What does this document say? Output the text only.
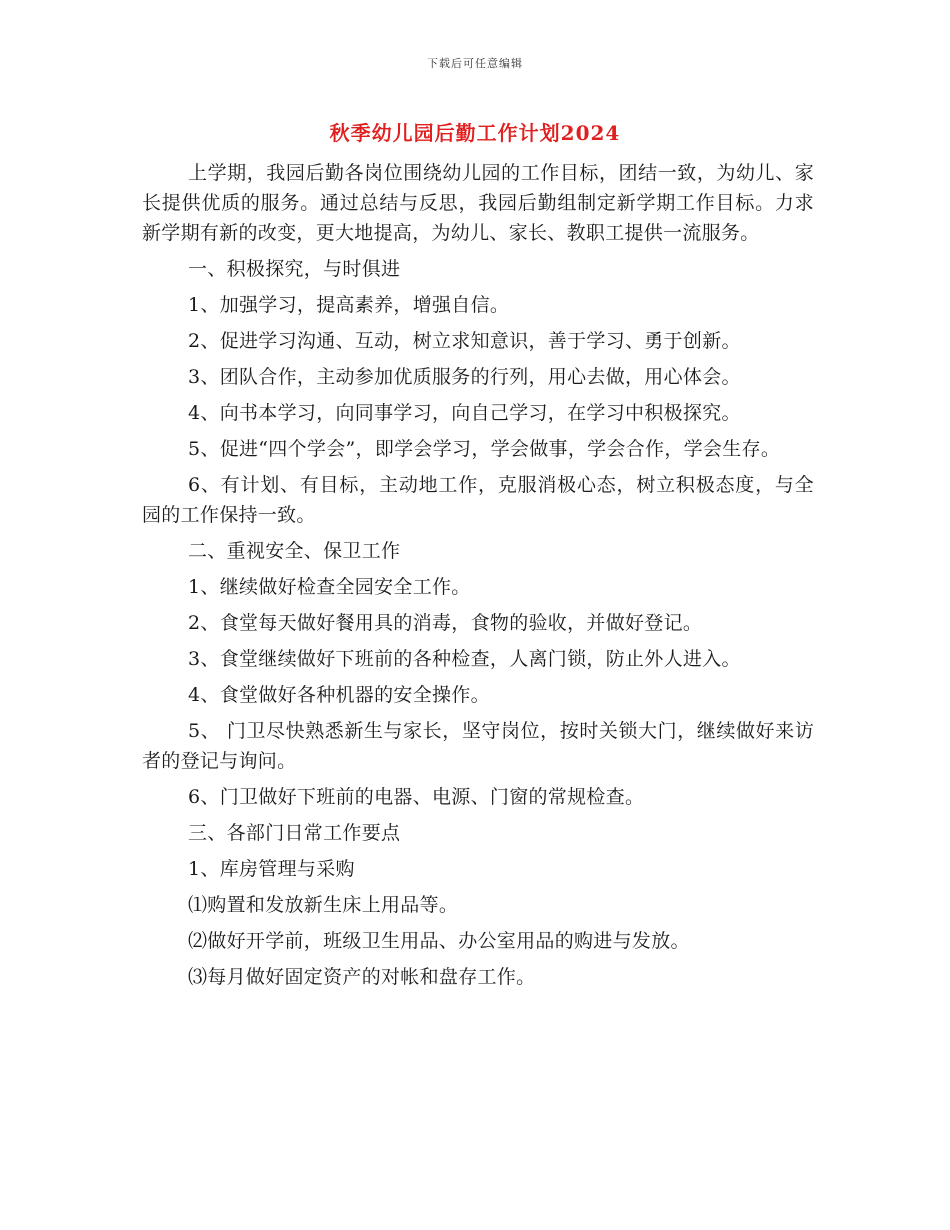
下载后可任意编辑
秋季幼儿园后勤工作计划2024

上学期，我园后勤各岗位围绕幼儿园的工作目标，团结一致，为幼儿、家长提供优质的服务。通过总结与反思，我园后勤组制定新学期工作目标。力求新学期有新的改变，更大地提高，为幼儿、家长、教职工提供一流服务。

一、积极探究，与时俱进

1、加强学习，提高素养，增强自信。

2、促进学习沟通、互动，树立求知意识，善于学习、勇于创新。

3、团队合作，主动参加优质服务的行列，用心去做，用心体会。

4、向书本学习，向同事学习，向自己学习，在学习中积极探究。

5、促进“四个学会”，即学会学习，学会做事，学会合作，学会生存。

6、有计划、有目标，主动地工作，克服消极心态，树立积极态度，与全园的工作保持一致。

二、重视安全、保卫工作

1、继续做好检查全园安全工作。

2、食堂每天做好餐用具的消毒，食物的验收，并做好登记。

3、食堂继续做好下班前的各种检查，人离门锁，防止外人进入。

4、食堂做好各种机器的安全操作。

5、 门卫尽快熟悉新生与家长，坚守岗位，按时关锁大门，继续做好来访者的登记与询问。

6、门卫做好下班前的电器、电源、门窗的常规检查。

三、各部门日常工作要点

1、库房管理与采购

⑴购置和发放新生床上用品等。

⑵做好开学前，班级卫生用品、办公室用品的购进与发放。

⑶每月做好固定资产的对帐和盘存工作。
